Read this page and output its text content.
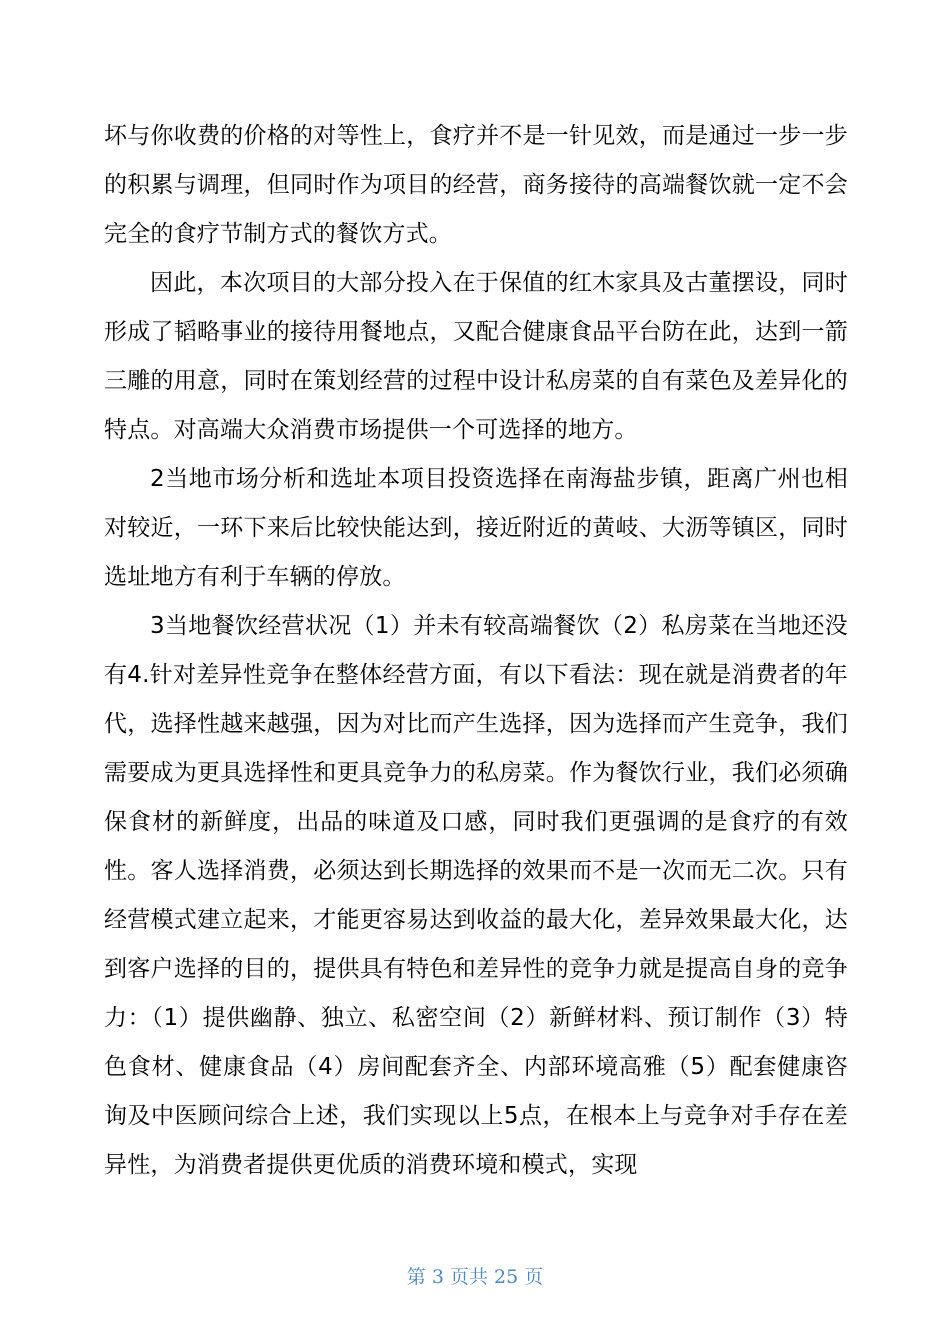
坏与你收费的价格的对等性上，食疗并不是一针见效，而是通过一步一步的积累与调理，但同时作为项目的经营，商务接待的高端餐饮就一定不会完全的食疗节制方式的餐饮方式。

因此，本次项目的大部分投入在于保值的红木家具及古董摆设，同时形成了韬略事业的接待用餐地点，又配合健康食品平台防在此，达到一箭三雕的用意，同时在策划经营的过程中设计私房菜的自有菜色及差异化的特点。对高端大众消费市场提供一个可选择的地方。

2当地市场分析和选址本项目投资选择在南海盐步镇，距离广州也相对较近，一环下来后比较快能达到，接近附近的黄岐、大沥等镇区，同时选址地方有利于车辆的停放。

3当地餐饮经营状况（1）并未有较高端餐饮（2）私房菜在当地还没有4.针对差异性竞争在整体经营方面，有以下看法：现在就是消费者的年代，选择性越来越强，因为对比而产生选择，因为选择而产生竞争，我们需要成为更具选择性和更具竞争力的私房菜。作为餐饮行业，我们必须确保食材的新鲜度，出品的味道及口感，同时我们更强调的是食疗的有效性。客人选择消费，必须达到长期选择的效果而不是一次而无二次。只有经营模式建立起来，才能更容易达到收益的最大化，差异效果最大化，达到客户选择的目的，提供具有特色和差异性的竞争力就是提高自身的竞争力：（1）提供幽静、独立、私密空间（2）新鲜材料、预订制作（3）特色食材、健康食品（4）房间配套齐全、内部环境高雅（5）配套健康咨询及中医顾问综合上述，我们实现以上5点，在根本上与竞争对手存在差异性，为消费者提供更优质的消费环境和模式，实现

第 3 页共 25 页
